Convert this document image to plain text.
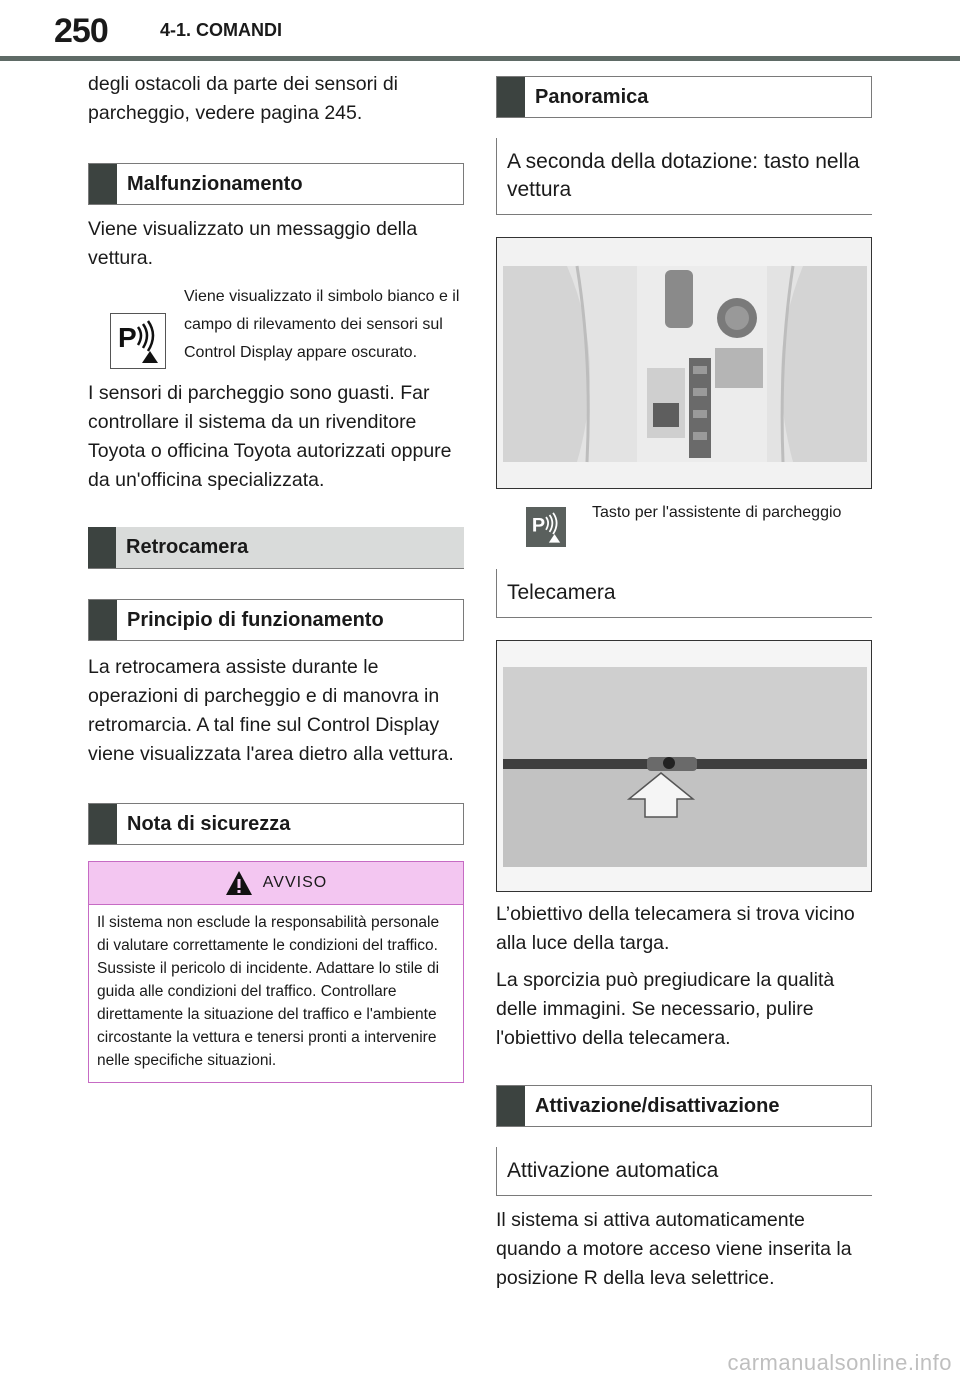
250	4-1. COMANDI

degli ostacoli da parte dei sensori di parcheggio, vedere pagina 245.

Malfunzionamento

Viene visualizzato un messaggio della vettura.

P

Viene visualizzato il simbolo bianco e il campo di rilevamento dei sensori sul Control Display appare oscurato.

I sensori di parcheggio sono guasti. Far controllare il sistema da un rivenditore Toyota o officina Toyota autorizzati oppure da un'officina specializzata.

Retrocamera
Principio di funzionamento

La retrocamera assiste durante le operazioni di parcheggio e di manovra in retromarcia. A tal fine sul Control Display viene visualizzata l'area dietro alla vettura.

Nota di sicurezza
AVVISO
Il sistema non esclude la responsabilità personale di valutare correttamente le condizioni del traffico. Sussiste il pericolo di incidente. Adattare lo stile di guida alle condizioni del traffico. Controllare direttamente la situazione del traffico e l'ambiente circostante la vettura e tenersi pronti a intervenire nelle specifiche situazioni.
Panoramica
A seconda della dotazione: tasto nella vettura
P

Tasto per l'assistente di parcheggio

Telecamera

L’obiettivo della telecamera si trova vicino alla luce della targa.

La sporcizia può pregiudicare la qualità delle immagini. Se necessario, pulire l'obiettivo della telecamera.

Attivazione/disattivazione
Attivazione automatica

Il sistema si attiva automaticamente quando a motore acceso viene inserita la posizione R della leva selettrice.

carmanualsonline.info
